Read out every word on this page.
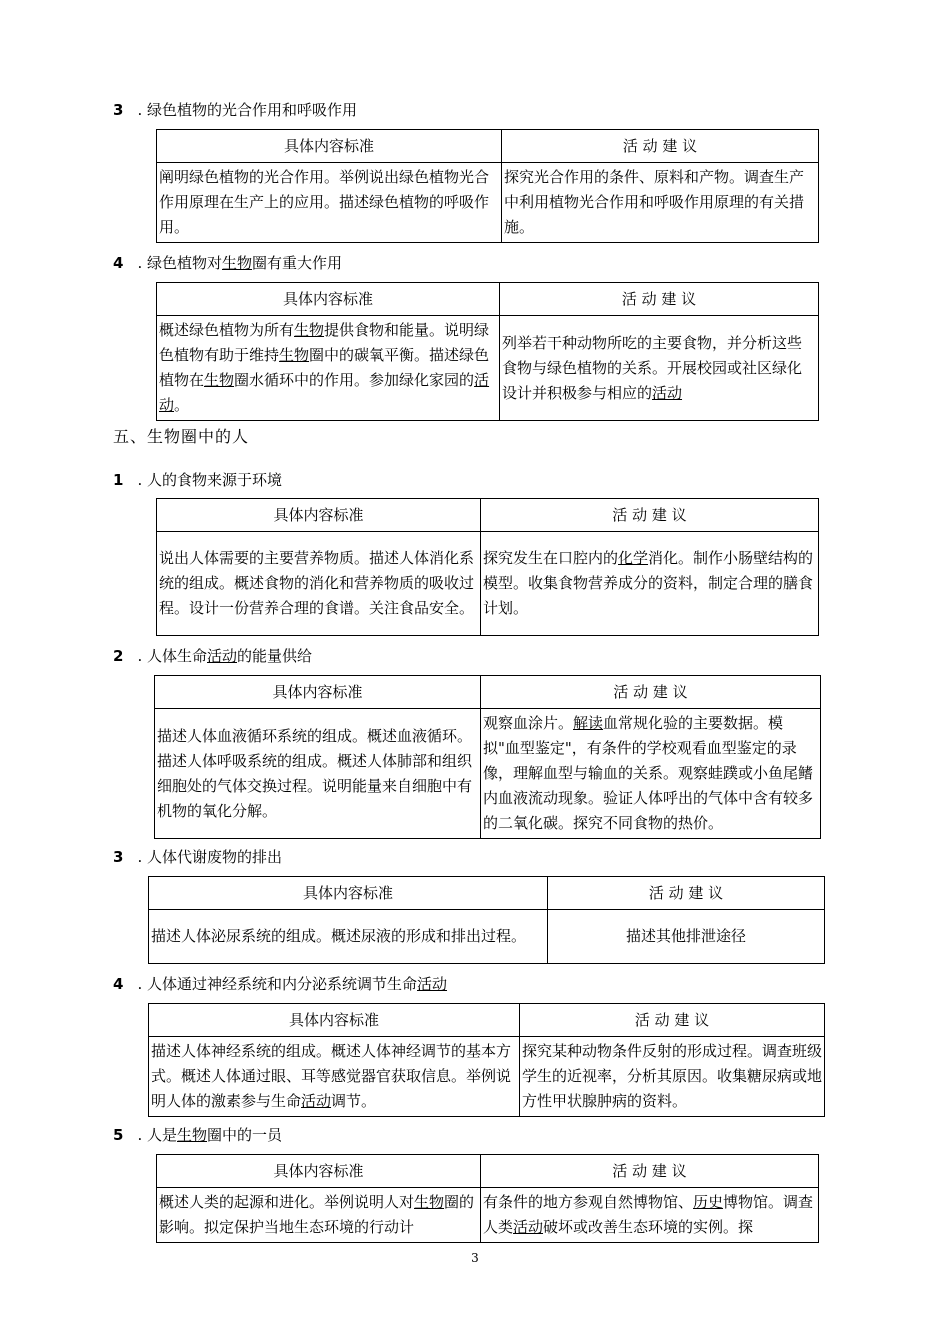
3 . 绿色植物的光合作用和呼吸作用
具体内容标准	活 动 建 议
阐明绿色植物的光合作用。举例说出绿色植物光合作用原理在生产上的应用。描述绿色植物的呼吸作用。	探究光合作用的条件、原料和产物。调查生产中利用植物光合作用和呼吸作用原理的有关措施。
4 . 绿色植物对生物圈有重大作用
具体内容标准	活 动 建 议
概述绿色植物为所有生物提供食物和能量。说明绿色植物有助于维持生物圈中的碳氧平衡。描述绿色植物在生物圈水循环中的作用。参加绿化家园的活动。	列举若干种动物所吃的主要食物，并分析这些食物与绿色植物的关系。开展校园或社区绿化设计并积极参与相应的活动
五、生物圈中的人
1 . 人的食物来源于环境
具体内容标准	活 动 建 议
说出人体需要的主要营养物质。描述人体消化系统的组成。概述食物的消化和营养物质的吸收过程。设计一份营养合理的食谱。关注食品安全。	探究发生在口腔内的化学消化。制作小肠壁结构的模型。收集食物营养成分的资料，制定合理的膳食计划。
2 . 人体生命活动的能量供给
具体内容标准	活 动 建 议
描述人体血液循环系统的组成。概述血液循环。描述人体呼吸系统的组成。概述人体肺部和组织细胞处的气体交换过程。说明能量来自细胞中有机物的氧化分解。	观察血涂片。解读血常规化验的主要数据。模拟"血型鉴定"，有条件的学校观看血型鉴定的录像，理解血型与输血的关系。观察蛙蹼或小鱼尾鳍内血液流动现象。验证人体呼出的气体中含有较多的二氧化碳。探究不同食物的热价。
3 . 人体代谢废物的排出
具体内容标准	活 动 建 议
描述人体泌尿系统的组成。概述尿液的形成和排出过程。	描述其他排泄途径
4 . 人体通过神经系统和内分泌系统调节生命活动
具体内容标准	活 动 建 议
描述人体神经系统的组成。概述人体神经调节的基本方式。概述人体通过眼、耳等感觉器官获取信息。举例说明人体的激素参与生命活动调节。	探究某种动物条件反射的形成过程。调查班级学生的近视率，分析其原因。收集糖尿病或地方性甲状腺肿病的资料。
5 . 人是生物圈中的一员
具体内容标准	活 动 建 议
概述人类的起源和进化。举例说明人对生物圈的影响。拟定保护当地生态环境的行动计	有条件的地方参观自然博物馆、历史博物馆。调查人类活动破坏或改善生态环境的实例。探
3
